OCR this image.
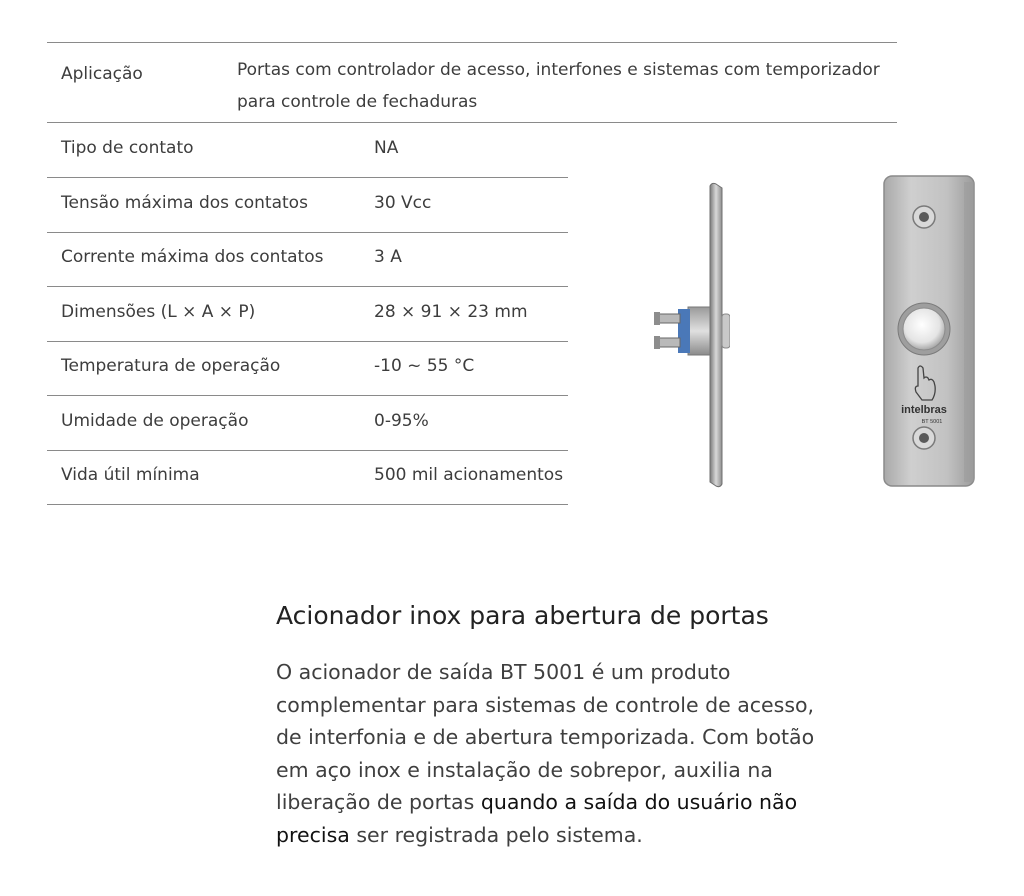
Aplicação	Portas com controlador de acesso, interfones e sistemas com temporizador para controle de fechaduras
Tipo de contato	NA
Tensão máxima dos contatos	30 Vcc
Corrente máxima dos contatos	3 A
Dimensões (L × A × P)	28 × 91 × 23 mm
Temperatura de operação	-10 ~ 55 °C
Umidade de operação	0-95%
Vida útil mínima	500 mil acionamentos
intelbras
BT 5001
Acionador inox para abertura de portas
O acionador de saída BT 5001 é um produto complementar para sistemas de controle de acesso, de interfonia e de abertura temporizada. Com botão em aço inox e instalação de sobrepor, auxilia na liberação de portas quando a saída do usuário não precisa ser registrada pelo sistema.
